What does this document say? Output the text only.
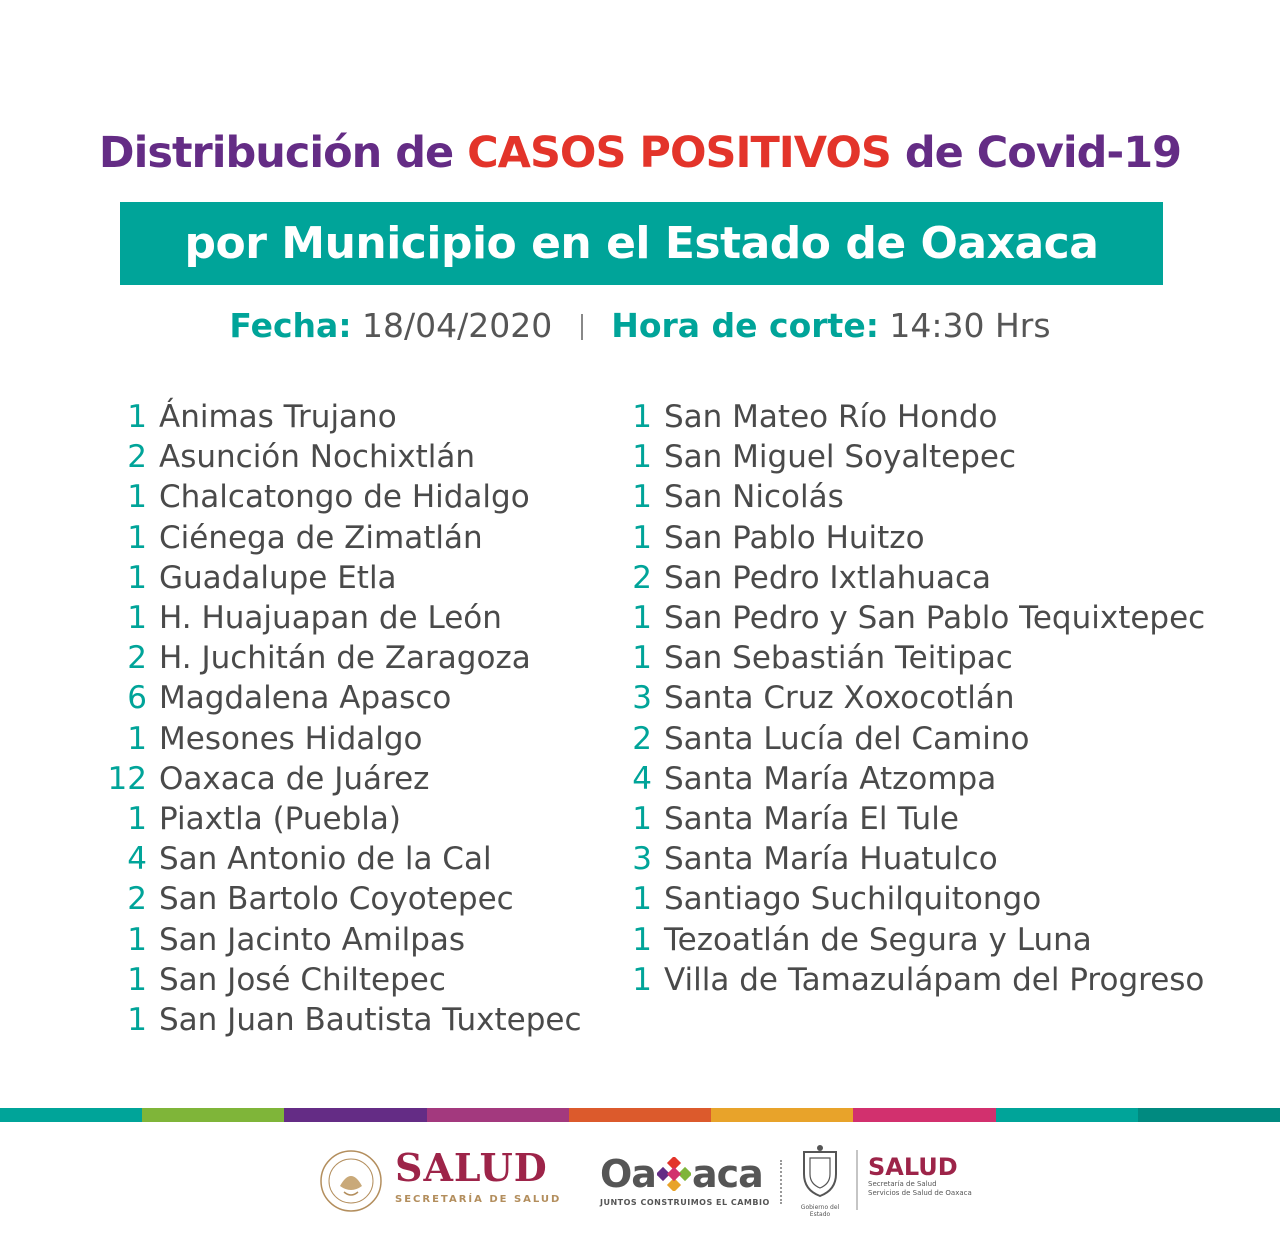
Distribución de CASOS POSITIVOS de Covid-19
por Municipio en el Estado de Oaxaca
Fecha: 18/04/2020 Hora de corte: 14:30 Hrs
1 Ánimas Trujano
2 Asunción Nochixtlán
1 Chalcatongo de Hidalgo
1 Ciénega de Zimatlán
1 Guadalupe Etla
1 H. Huajuapan de León
2 H. Juchitán de Zaragoza
6 Magdalena Apasco
1 Mesones Hidalgo
12 Oaxaca de Juárez
1 Piaxtla (Puebla)
4 San Antonio de la Cal
2 San Bartolo Coyotepec
1 San Jacinto Amilpas
1 San José Chiltepec
1 San Juan Bautista Tuxtepec
1 San Mateo Río Hondo
1 San Miguel Soyaltepec
1 San Nicolás
1 San Pablo Huitzo
2 San Pedro Ixtlahuaca
1 San Pedro y San Pablo Tequixtepec
1 San Sebastián Teitipac
3 Santa Cruz Xoxocotlán
2 Santa Lucía del Camino
4 Santa María Atzompa
1 Santa María El Tule
3 Santa María Huatulco
1 Santiago Suchilquitongo
1 Tezoatlán de Segura y Luna
1 Villa de Tamazulápam del Progreso
SALUD
SECRETARÍA DE SALUD
Oa aca
JUNTOS CONSTRUIMOS EL CAMBIO
Gobierno del Estado
SALUD
Secretaría de Salud
Servicios de Salud de Oaxaca
